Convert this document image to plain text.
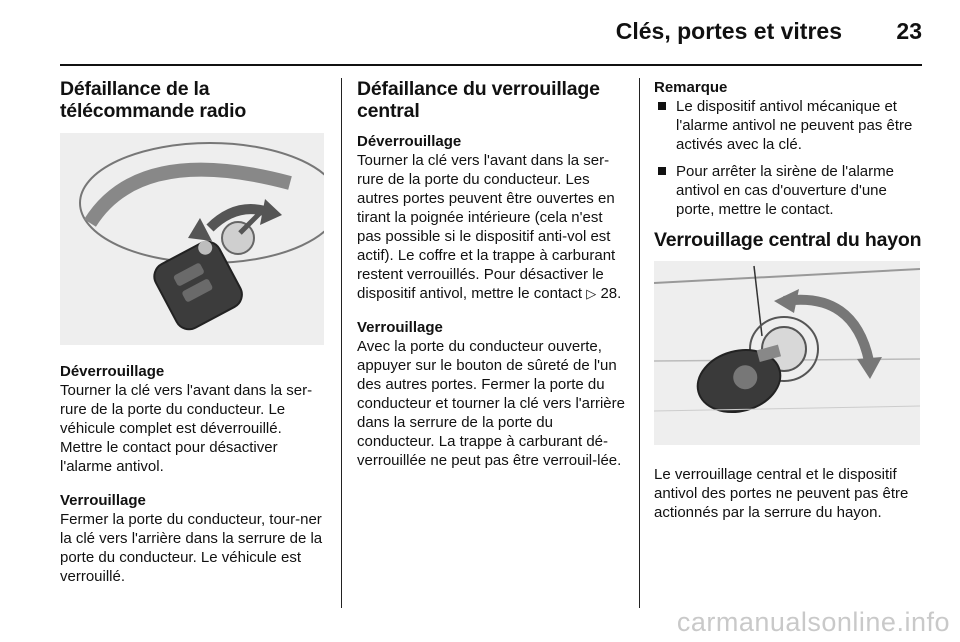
Clés, portes et vitres 23
Défaillance de la télécommande radio

Déverrouillage

Tourner la clé vers l'avant dans la ser-rure de la porte du conducteur. Le véhicule complet est déverrouillé. Mettre le contact pour désactiver l'alarme antivol.

Verrouillage

Fermer la porte du conducteur, tour-ner la clé vers l'arrière dans la serrure de la porte du conducteur. Le véhicule est verrouillé.

Défaillance du verrouillage central

Déverrouillage

Tourner la clé vers l'avant dans la ser-rure de la porte du conducteur. Les autres portes peuvent être ouvertes en tirant la poignée intérieure (cela n'est pas possible si le dispositif anti-vol est actif). Le coffre et la trappe à carburant restent verrouillés. Pour désactiver le dispositif antivol, mettre le contact ▷ 28.

Verrouillage

Avec la porte du conducteur ouverte, appuyer sur le bouton de sûreté de l'un des autres portes. Fermer la porte du conducteur et tourner la clé vers l'arrière dans la serrure de la porte du conducteur. La trappe à carburant dé-verrouillée ne peut pas être verrouil-lée.

Remarque

Le dispositif antivol mécanique et l'alarme antivol ne peuvent pas être activés avec la clé.
Pour arrêter la sirène de l'alarme antivol en cas d'ouverture d'une porte, mettre le contact.
Verrouillage central du hayon

Le verrouillage central et le dispositif antivol des portes ne peuvent pas être actionnés par la serrure du hayon.

carmanualsonline.info
